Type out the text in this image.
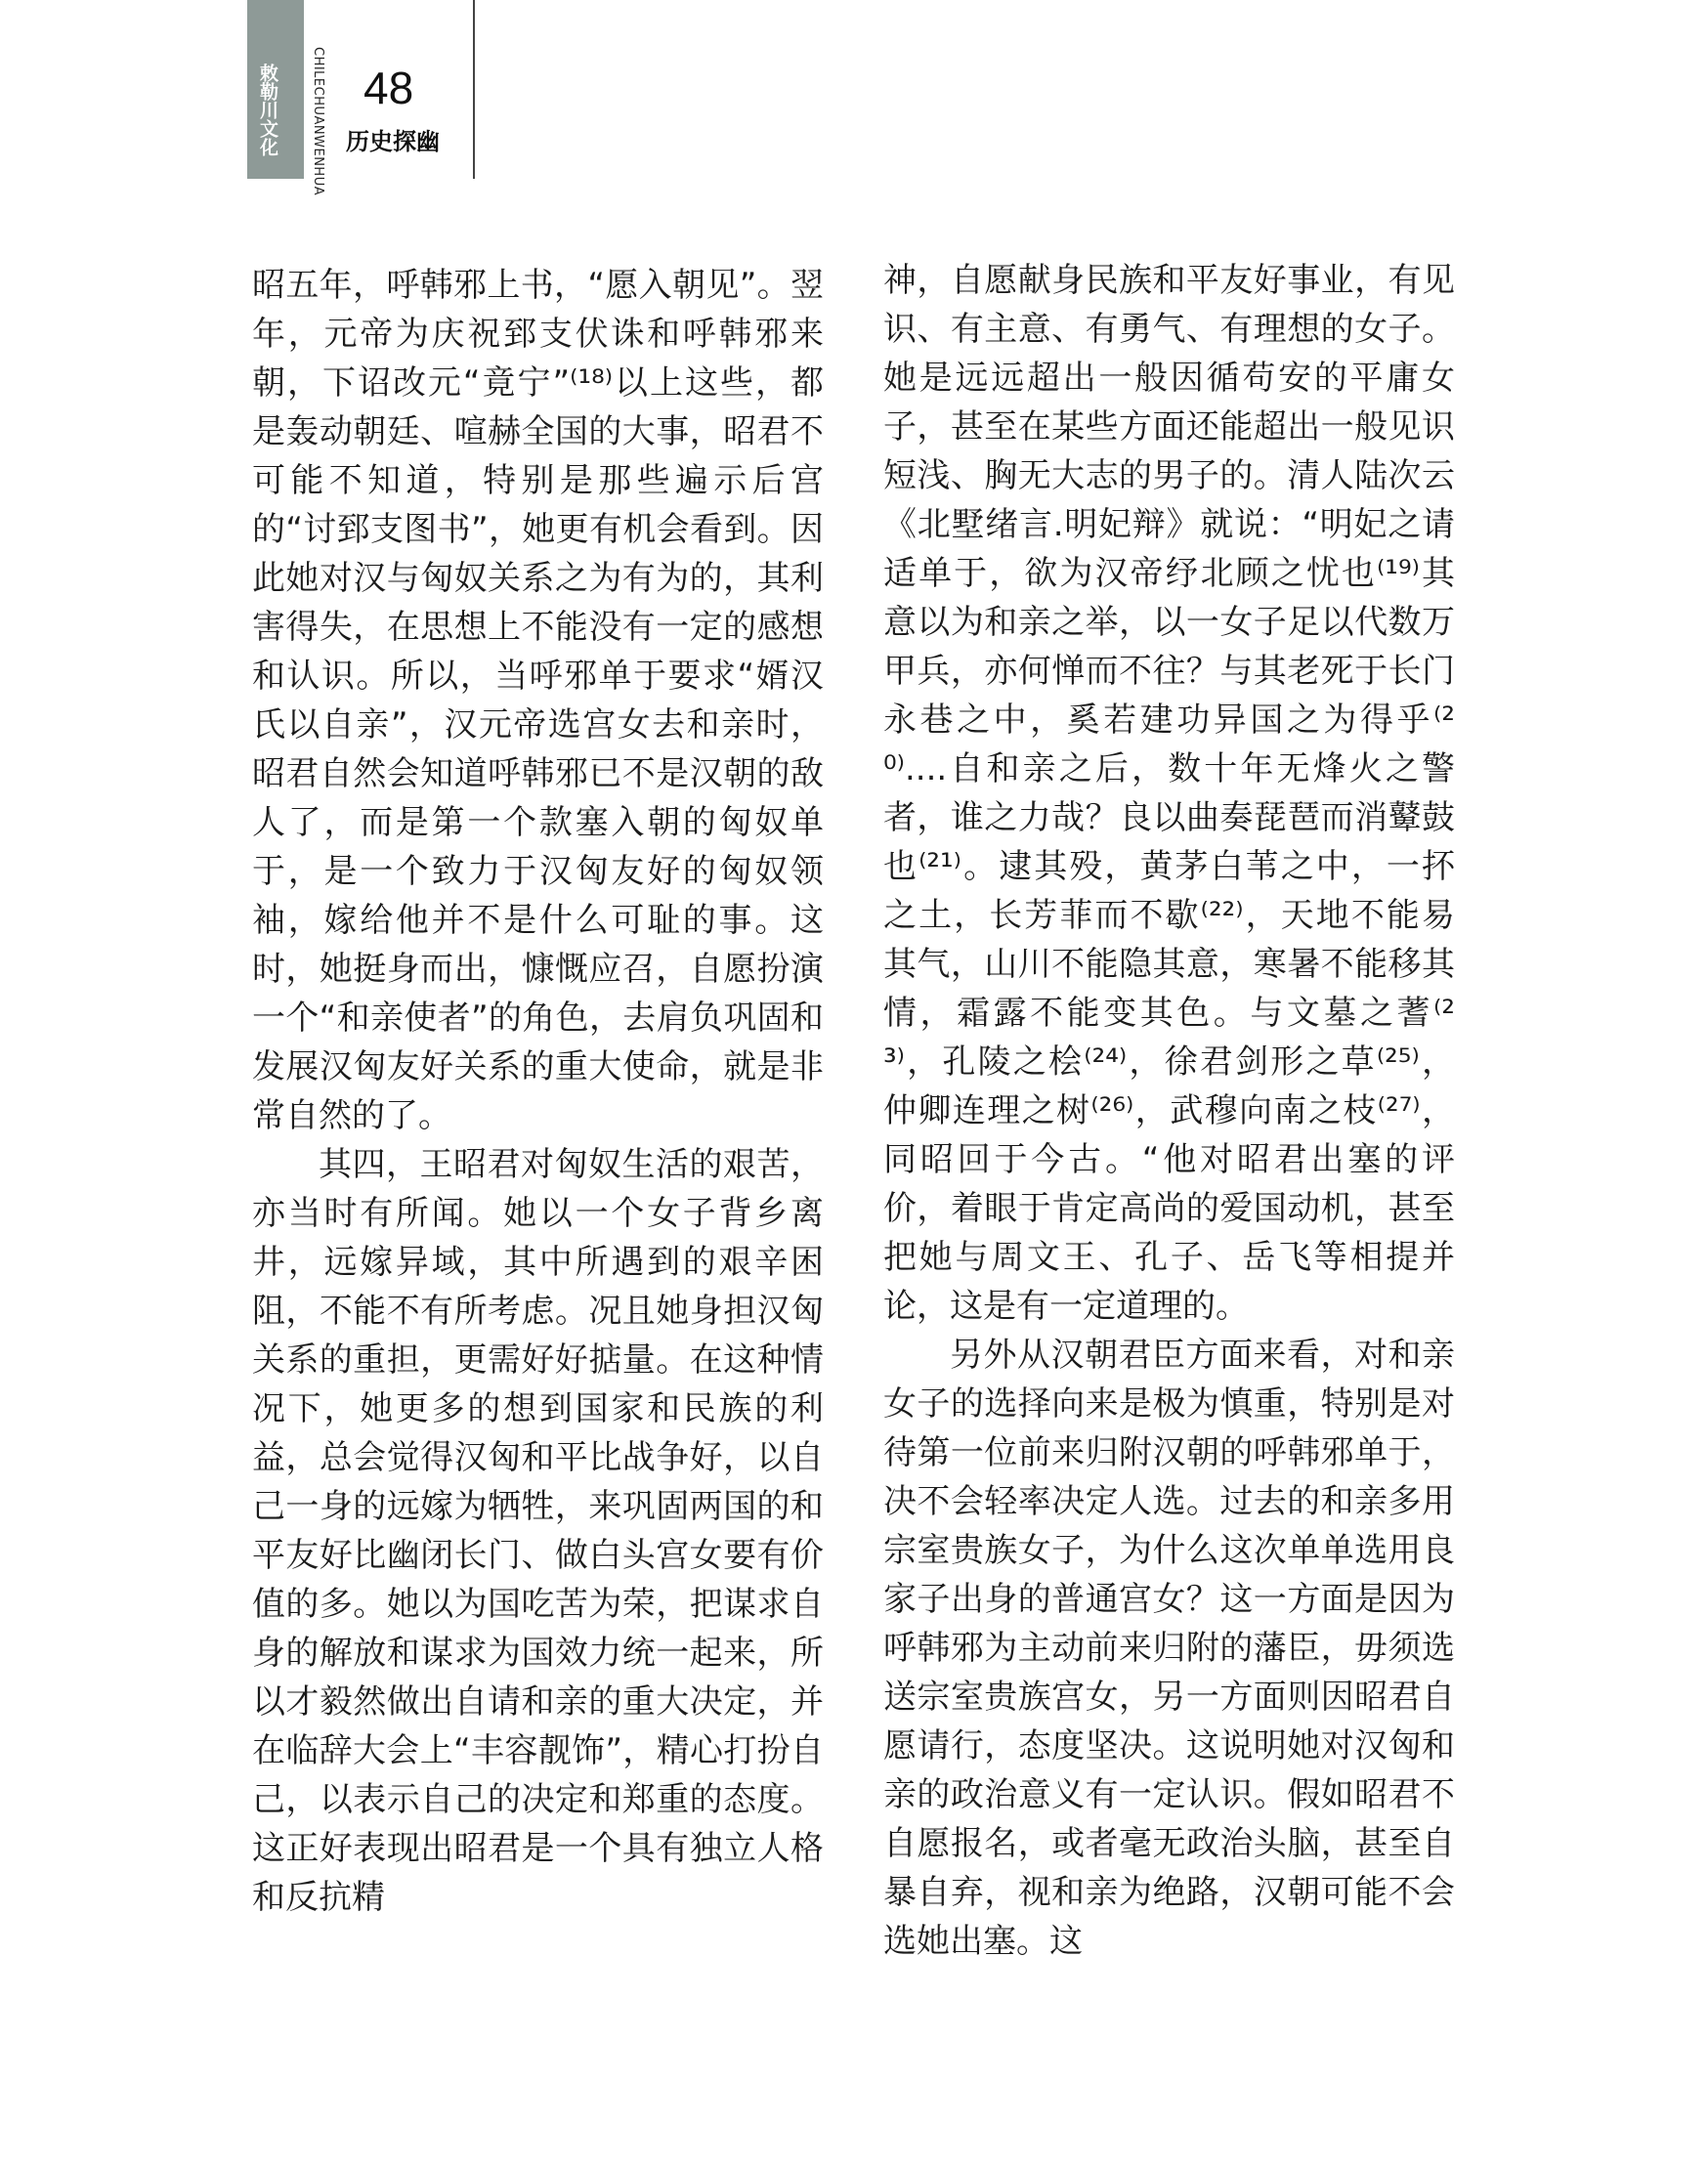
敕勒川文化	CHILECHUANWENHUA 48
历史探幽

昭五年，呼韩邪上书，“愿入朝见”。翌年，元帝为庆祝郅支伏诛和呼韩邪来朝，下诏改元“竟宁”⁽¹⁸⁾以上这些，都是轰动朝廷、喧赫全国的大事，昭君不可能不知道，特别是那些遍示后宫的“讨郅支图书”，她更有机会看到。因此她对汉与匈奴关系之为有为的，其利害得失，在思想上不能没有一定的感想和认识。所以，当呼邪单于要求“婿汉氏以自亲”，汉元帝选宫女去和亲时，昭君自然会知道呼韩邪已不是汉朝的敌人了，而是第一个款塞入朝的匈奴单于，是一个致力于汉匈友好的匈奴领袖，嫁给他并不是什么可耻的事。这时，她挺身而出，慷慨应召，自愿扮演一个“和亲使者”的角色，去肩负巩固和发展汉匈友好关系的重大使命，就是非常自然的了。

其四，王昭君对匈奴生活的艰苦，亦当时有所闻。她以一个女子背乡离井，远嫁异域，其中所遇到的艰辛困阻，不能不有所考虑。况且她身担汉匈关系的重担，更需好好掂量。在这种情况下，她更多的想到国家和民族的利益，总会觉得汉匈和平比战争好，以自己一身的远嫁为牺牲，来巩固两国的和平友好比幽闭长门、做白头宫女要有价值的多。她以为国吃苦为荣，把谋求自身的解放和谋求为国效力统一起来，所以才毅然做出自请和亲的重大决定，并在临辞大会上“丰容靓饰”，精心打扮自己，以表示自己的决定和郑重的态度。这正好表现出昭君是一个具有独立人格和反抗精

神，自愿献身民族和平友好事业，有见识、有主意、有勇气、有理想的女子。她是远远超出一般因循苟安的平庸女子，甚至在某些方面还能超出一般见识短浅、胸无大志的男子的。清人陆次云《北墅绪言.明妃辩》就说：“明妃之请适单于，欲为汉帝纾北顾之忧也⁽¹⁹⁾其意以为和亲之举，以一女子足以代数万甲兵，亦何惮而不往？与其老死于长门永巷之中，奚若建功异国之为得乎⁽²⁰⁾....自和亲之后，数十年无烽火之警者，谁之力哉？良以曲奏琵琶而消鼙鼓也⁽²¹⁾。逮其殁，黄茅白苇之中，一抔之土，长芳菲而不歇⁽²²⁾，天地不能易其气，山川不能隐其意，寒暑不能移其情，霜露不能变其色。与文墓之蓍⁽²³⁾，孔陵之桧⁽²⁴⁾，徐君剑形之草⁽²⁵⁾，仲卿连理之树⁽²⁶⁾，武穆向南之枝⁽²⁷⁾，同昭回于今古。“他对昭君出塞的评价，着眼于肯定高尚的爱国动机，甚至把她与周文王、孔子、岳飞等相提并论，这是有一定道理的。

另外从汉朝君臣方面来看，对和亲女子的选择向来是极为慎重，特别是对待第一位前来归附汉朝的呼韩邪单于，决不会轻率决定人选。过去的和亲多用宗室贵族女子，为什么这次单单选用良家子出身的普通宫女？这一方面是因为呼韩邪为主动前来归附的藩臣，毋须选送宗室贵族宫女，另一方面则因昭君自愿请行，态度坚决。这说明她对汉匈和亲的政治意义有一定认识。假如昭君不自愿报名，或者毫无政治头脑，甚至自暴自弃，视和亲为绝路，汉朝可能不会选她出塞。这
